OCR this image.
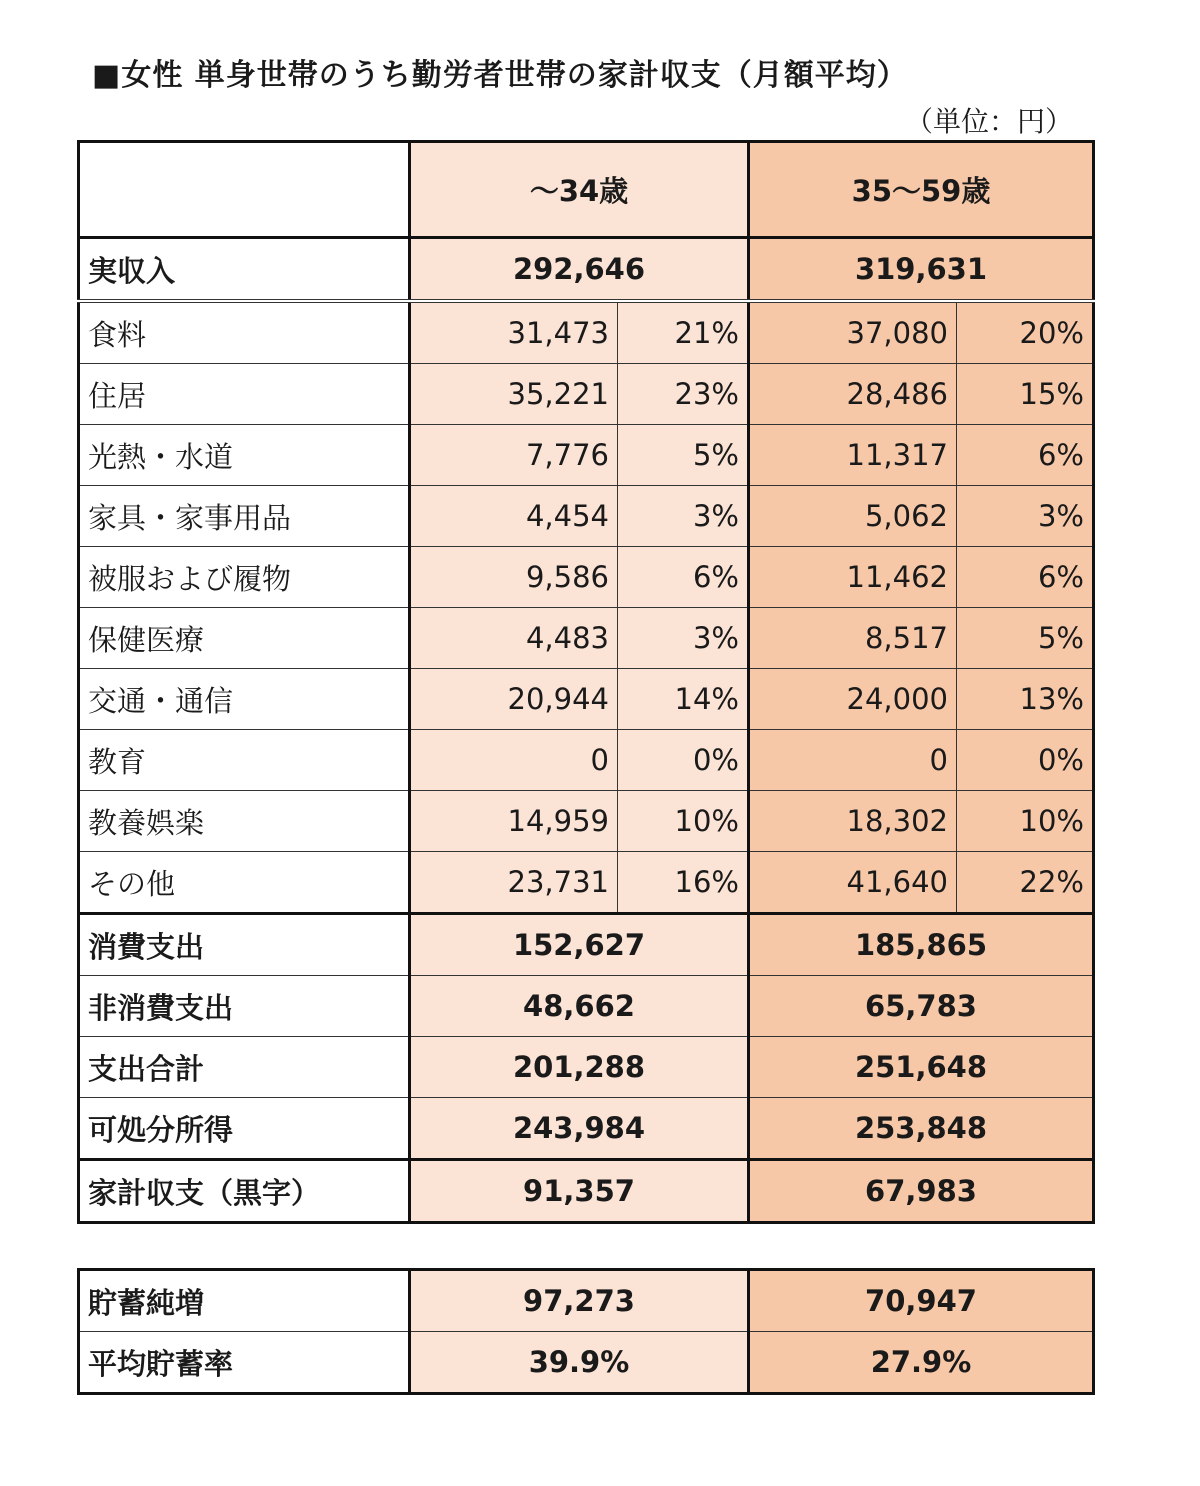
■女性 単身世帯のうち勤労者世帯の家計収支（月額平均）
（単位：円）
	～34歳		35～59歳	
実収入	292,646		319,631	
食料	31,473	21%	37,080	20%
住居	35,221	23%	28,486	15%
光熱・水道	7,776	5%	11,317	6%
家具・家事用品	4,454	3%	5,062	3%
被服および履物	9,586	6%	11,462	6%
保健医療	4,483	3%	8,517	5%
交通・通信	20,944	14%	24,000	13%
教育	0	0%	0	0%
教養娯楽	14,959	10%	18,302	10%
その他	23,731	16%	41,640	22%
消費支出	152,627		185,865	
非消費支出	48,662		65,783	
支出合計	201,288		251,648	
可処分所得	243,984		253,848	
家計収支（黒字）	91,357		67,983	
貯蓄純増	97,273	70,947
平均貯蓄率	39.9%	27.9%
